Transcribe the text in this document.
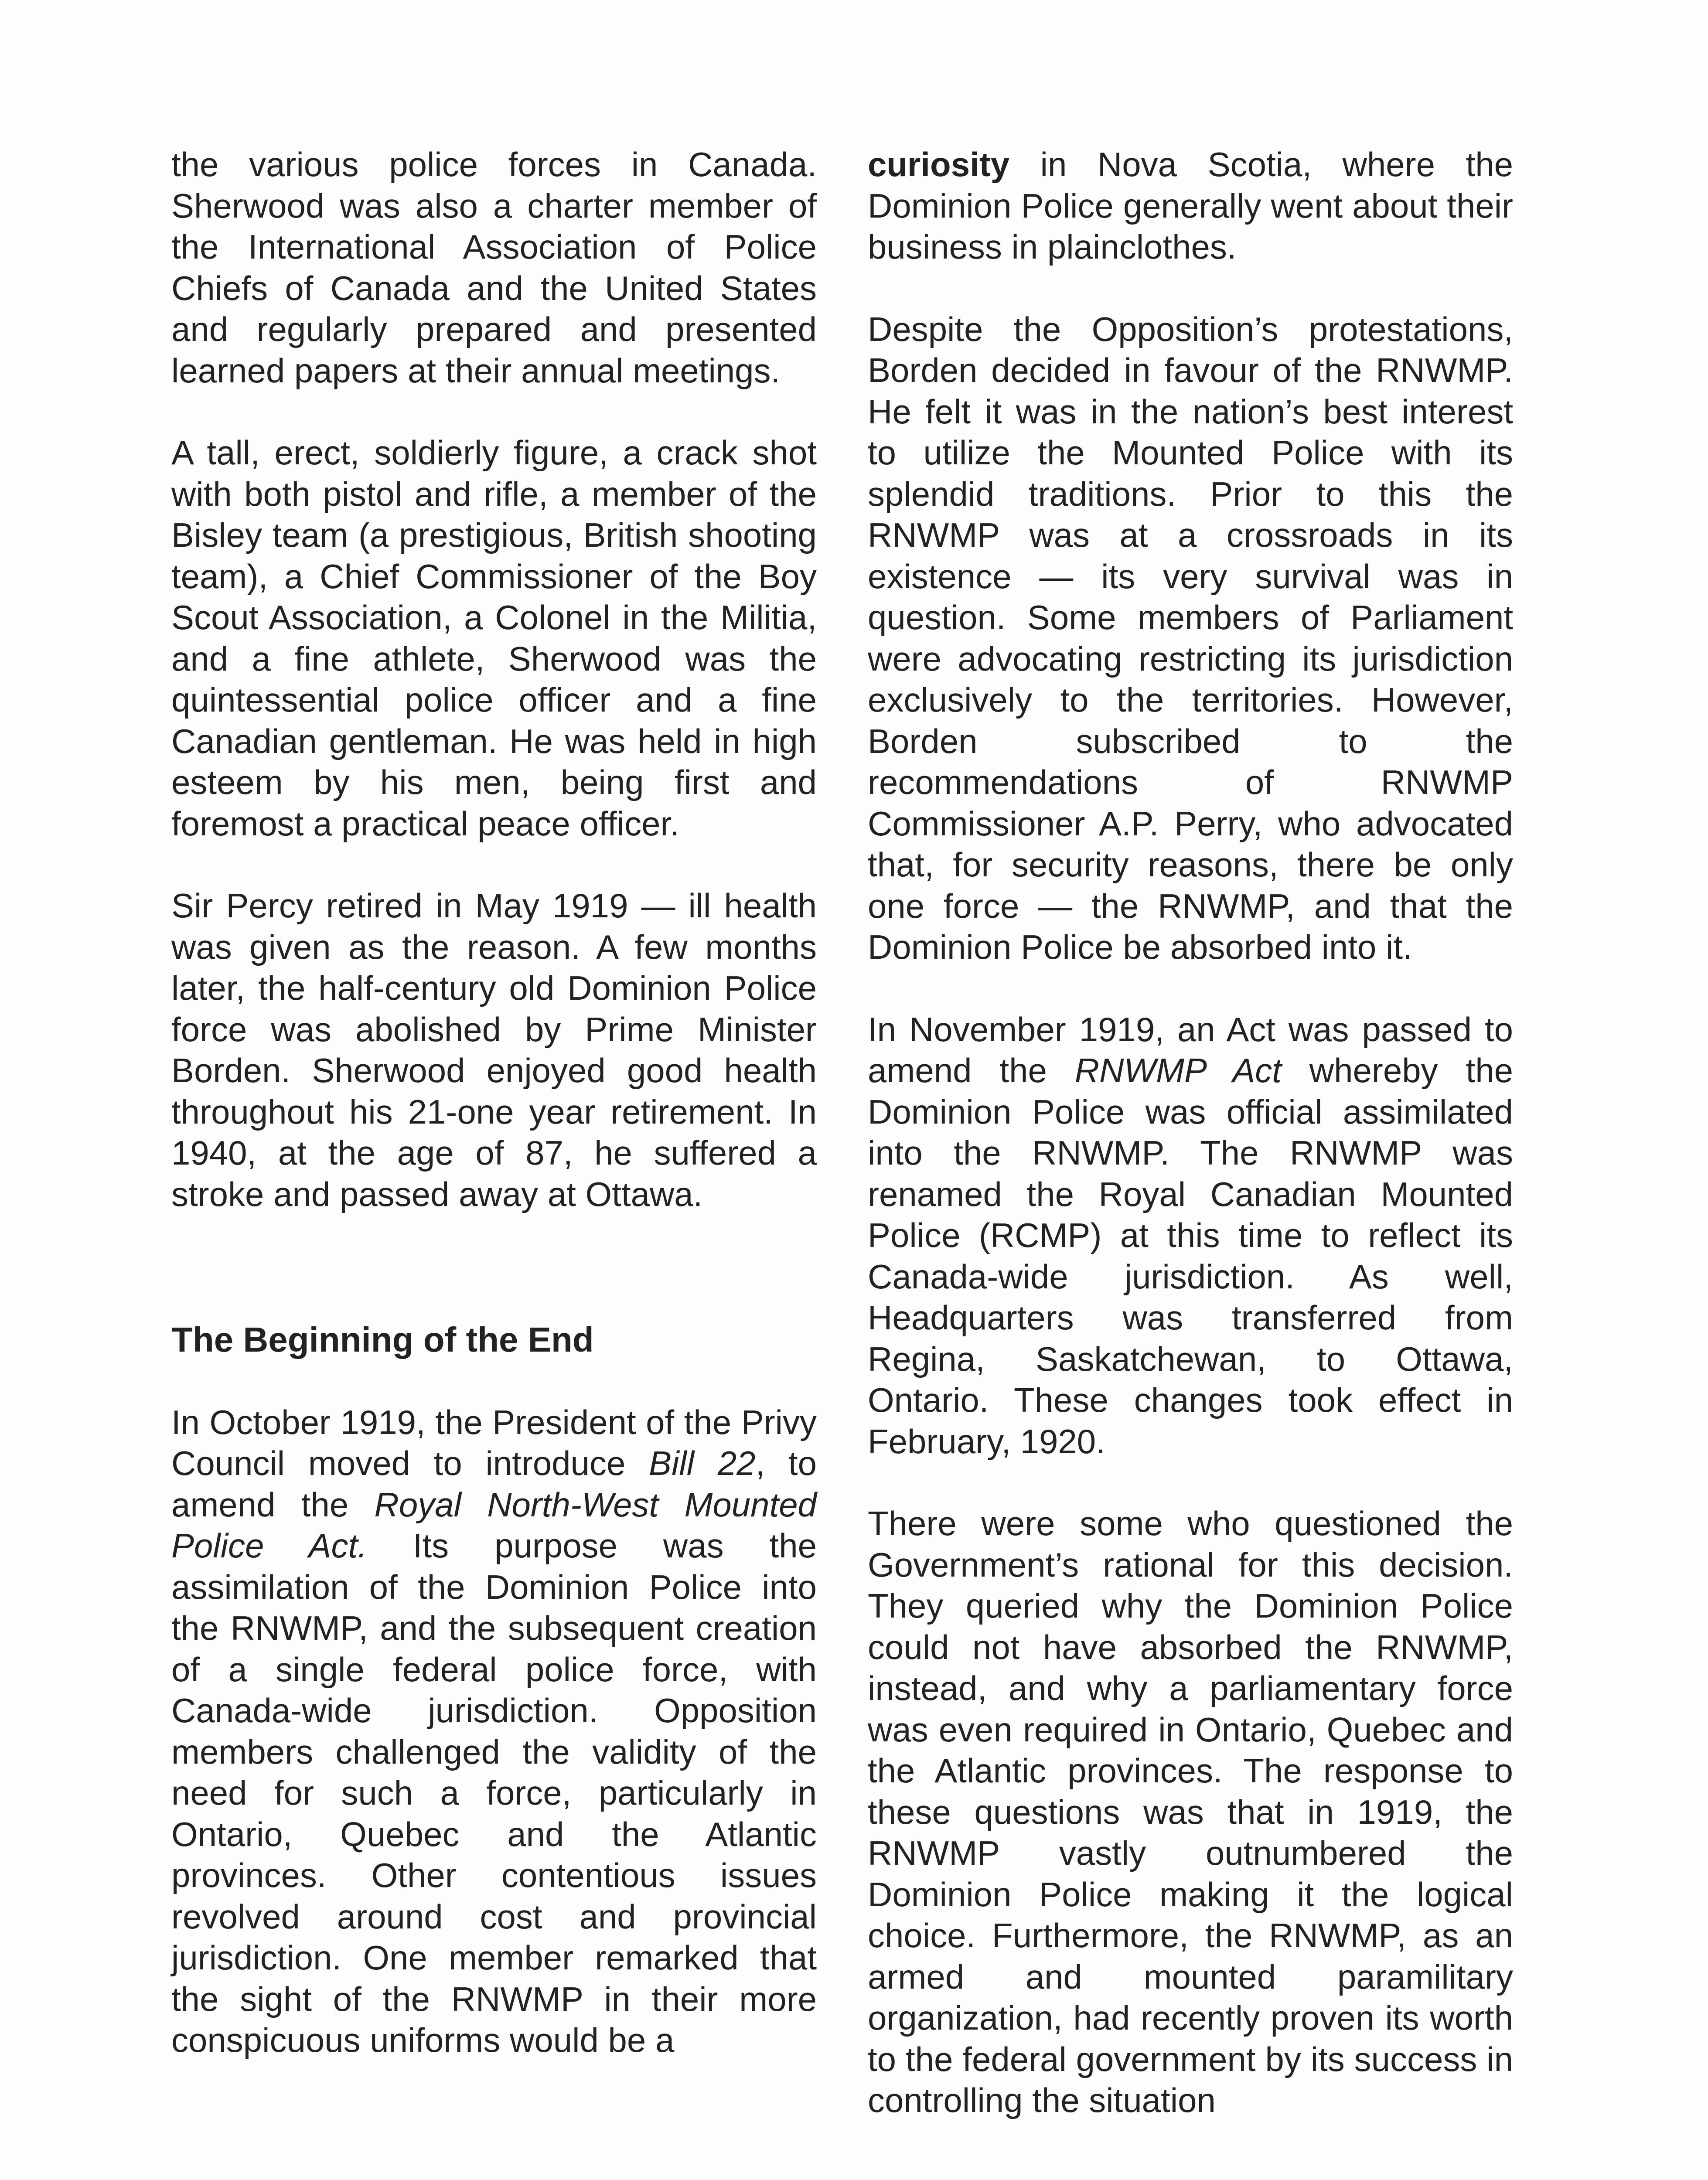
the various police forces in Canada. Sherwood was also a charter member of the International Association of Police Chiefs of Canada and the United States and regularly prepared and presented learned papers at their annual meetings.

A tall, erect, soldierly figure, a crack shot with both pistol and rifle, a member of the Bisley team (a prestigious, British shooting team), a Chief Commissioner of the Boy Scout Association, a Colonel in the Militia, and a fine athlete, Sherwood was the quintessential police officer and a fine Canadian gentleman. He was held in high esteem by his men, being first and foremost a practical peace officer.

Sir Percy retired in May 1919 — ill health was given as the reason. A few months later, the half-century old Dominion Police force was abolished by Prime Minister Borden. Sherwood enjoyed good health throughout his 21-one year retirement. In 1940, at the age of 87, he suffered a stroke and passed away at Ottawa.

The Beginning of the End

In October 1919, the President of the Privy Council moved to introduce Bill 22, to amend the Royal North-West Mounted Police Act. Its purpose was the assimilation of the Dominion Police into the RNWMP, and the subsequent creation of a single federal police force, with Canada-wide jurisdiction. Opposition members challenged the validity of the need for such a force, particularly in Ontario, Quebec and the Atlantic provinces. Other contentious issues revolved around cost and provincial jurisdiction. One member remarked that the sight of the RNWMP in their more conspicuous uniforms would be a

curiosity in Nova Scotia, where the Dominion Police generally went about their business in plainclothes.

Despite the Opposition’s protestations, Borden decided in favour of the RNWMP. He felt it was in the nation’s best interest to utilize the Mounted Police with its splendid traditions. Prior to this the RNWMP was at a crossroads in its existence — its very survival was in question. Some members of Parliament were advocating restricting its jurisdiction exclusively to the territories. However, Borden subscribed to the recommendations of RNWMP Commissioner A.P. Perry, who advocated that, for security reasons, there be only one force — the RNWMP, and that the Dominion Police be absorbed into it.

In November 1919, an Act was passed to amend the RNWMP Act whereby the Dominion Police was official assimilated into the RNWMP. The RNWMP was renamed the Royal Canadian Mounted Police (RCMP) at this time to reflect its Canada-wide jurisdiction. As well, Headquarters was transferred from Regina, Saskatchewan, to Ottawa, Ontario. These changes took effect in February, 1920.

There were some who questioned the Government’s rational for this decision. They queried why the Dominion Police could not have absorbed the RNWMP, instead, and why a parliamentary force was even required in Ontario, Quebec and the Atlantic provinces. The response to these questions was that in 1919, the RNWMP vastly outnumbered the Dominion Police making it the logical choice. Furthermore, the RNWMP, as an armed and mounted paramilitary organization, had recently proven its worth to the federal government by its success in controlling the situation
